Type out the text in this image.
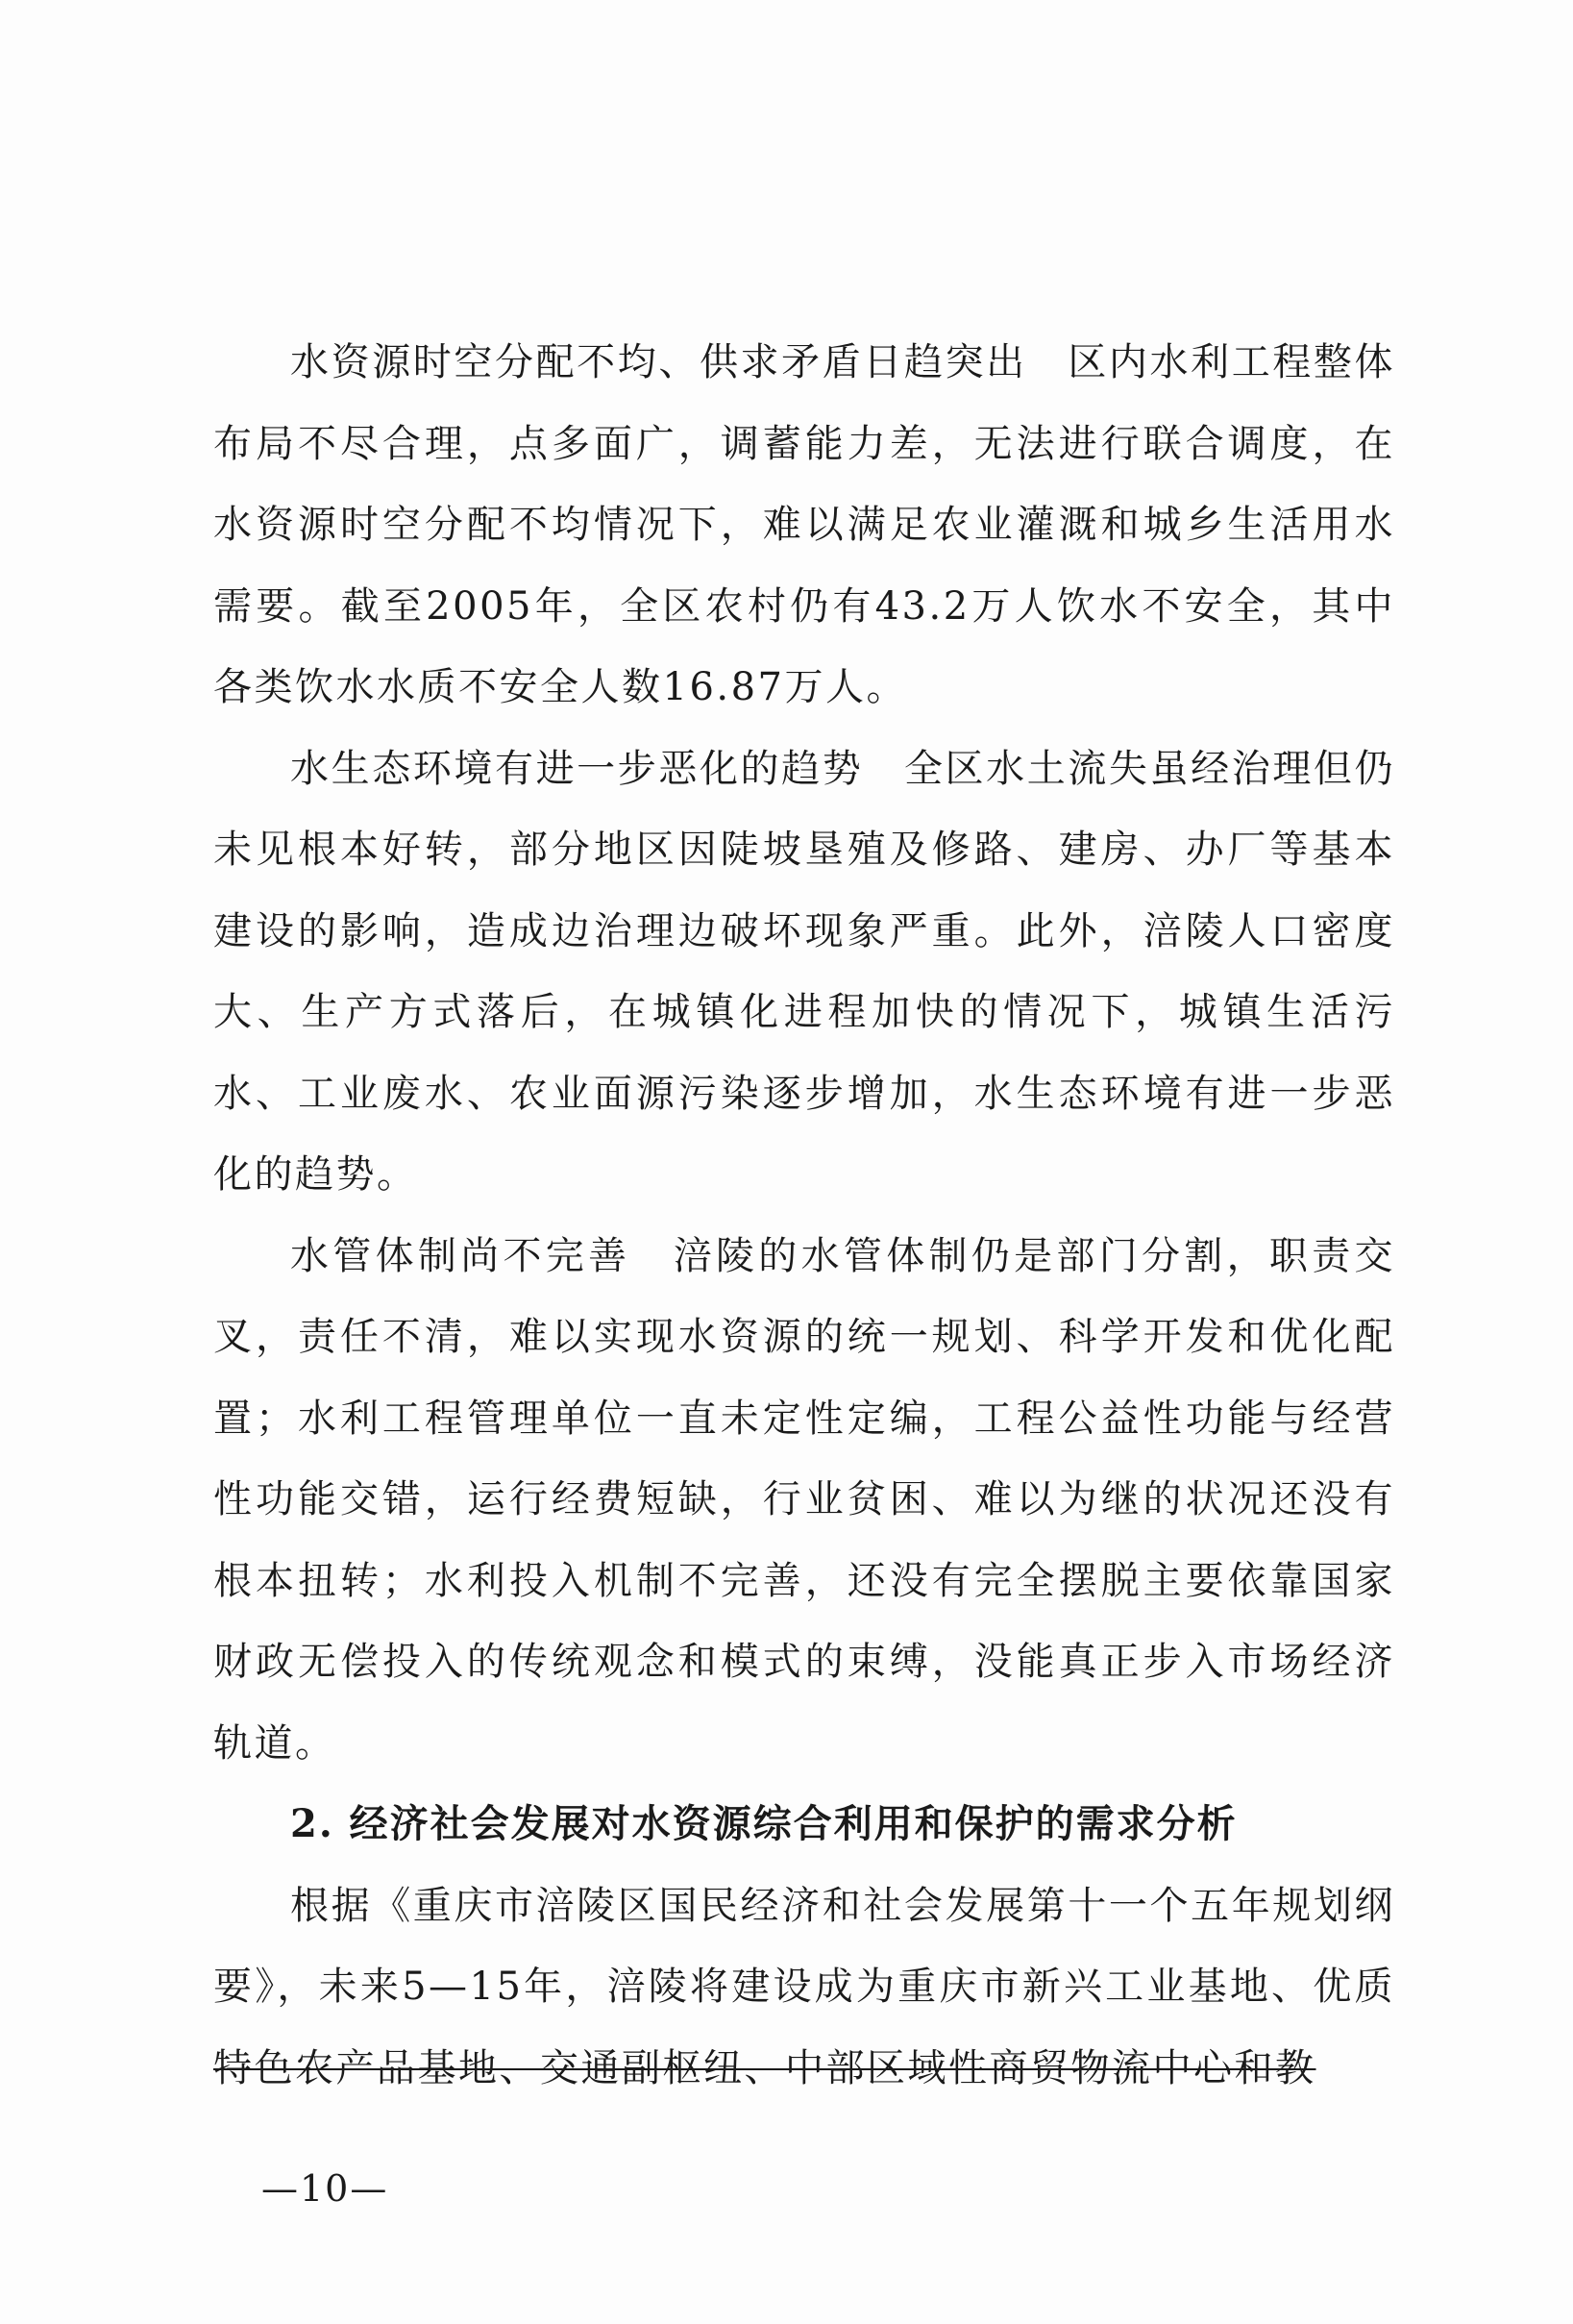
水资源时空分配不均、供求矛盾日趋突出　区内水利工程整体布局不尽合理，点多面广，调蓄能力差，无法进行联合调度，在水资源时空分配不均情况下，难以满足农业灌溉和城乡生活用水需要。截至2005年，全区农村仍有43.2万人饮水不安全，其中各类饮水水质不安全人数16.87万人。

水生态环境有进一步恶化的趋势　全区水土流失虽经治理但仍未见根本好转，部分地区因陡坡垦殖及修路、建房、办厂等基本建设的影响，造成边治理边破坏现象严重。此外，涪陵人口密度大、生产方式落后，在城镇化进程加快的情况下，城镇生活污水、工业废水、农业面源污染逐步增加，水生态环境有进一步恶化的趋势。

水管体制尚不完善　涪陵的水管体制仍是部门分割，职责交叉，责任不清，难以实现水资源的统一规划、科学开发和优化配置；水利工程管理单位一直未定性定编，工程公益性功能与经营性功能交错，运行经费短缺，行业贫困、难以为继的状况还没有根本扭转；水利投入机制不完善，还没有完全摆脱主要依靠国家财政无偿投入的传统观念和模式的束缚，没能真正步入市场经济轨道。

2. 经济社会发展对水资源综合利用和保护的需求分析

根据《重庆市涪陵区国民经济和社会发展第十一个五年规划纲要》，未来5—15年，涪陵将建设成为重庆市新兴工业基地、优质特色农产品基地、交通副枢纽、中部区域性商贸物流中心和教

—10—
